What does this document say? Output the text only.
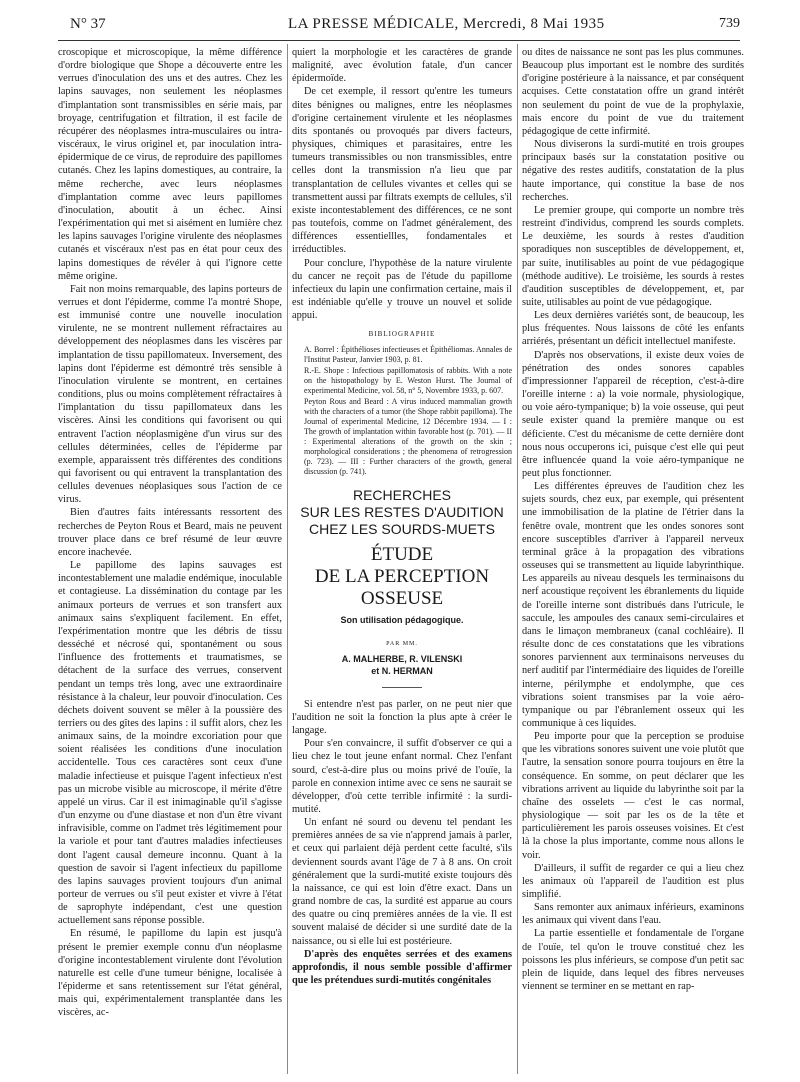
N° 37	LA PRESSE MÉDICALE, Mercredi, 8 Mai 1935	739

croscopique et microscopique, la même différence d'ordre biologique que Shope a découverte entre les verrues d'inoculation des uns et des autres. Chez les lapins sauvages, non seulement les néoplasmes d'implantation sont transmissibles en série mais, par broyage, centrifugation et filtration, il est facile de récupérer des néoplasmes intra-musculaires ou intra-viscéraux, le virus originel et, par inoculation intra-épidermique de ce virus, de reproduire des papillomes cutanés. Chez les lapins domestiques, au contraire, la même recherche, avec leurs néoplasmes d'implantation comme avec leurs papillomes d'inoculation, aboutit à un échec. Ainsi l'expérimentation qui met si aisément en lumière chez les lapins sauvages l'origine virulente des néoplasmes cutanés et viscéraux n'est pas en état pour ceux des lapins domestiques de révéler à qui l'ignore cette même origine.

Fait non moins remarquable, des lapins porteurs de verrues et dont l'épiderme, comme l'a montré Shope, est immunisé contre une nouvelle inoculation virulente, ne se montrent nullement réfractaires au développement des néoplasmes dans les viscères par implantation de tissu papillomateux. Inversement, des lapins dont l'épiderme est démontré très sensible à l'inoculation virulente se montrent, en certaines conditions, plus ou moins complètement réfractaires à l'implantation du tissu papillomateux dans les viscères. Ainsi les conditions qui favorisent ou qui entravent l'action néoplasmigène d'un virus sur des cellules déterminées, celles de l'épiderme par exemple, apparaissent très différentes des conditions qui favorisent ou qui entravent la transplantation des cellules devenues néoplasiques sous l'action de ce virus.

Bien d'autres faits intéressants ressortent des recherches de Peyton Rous et Beard, mais ne peuvent trouver place dans ce bref résumé de leur œuvre encore inachevée.

Le papillome des lapins sauvages est incontestablement une maladie endémique, inoculable et contagieuse. La dissémination du contage par les animaux porteurs de verrues et son transfert aux animaux sains s'expliquent facilement. En effet, l'expérimentation montre que les débris de tissu desséché et nécrosé qui, spontanément ou sous l'influence des frottements et traumatismes, se détachent de la surface des verrues, conservent pendant un temps très long, avec une extraordinaire résistance à la chaleur, leur pouvoir d'inoculation. Ces déchets doivent souvent se mêler à la poussière des terriers ou des gîtes des lapins : il suffit alors, chez les animaux sains, de la moindre excoriation pour que soient réalisées les conditions d'une inoculation accidentelle. Tous ces caractères sont ceux d'une maladie infectieuse et puisque l'agent infectieux n'est pas un microbe visible au microscope, il mérite d'être appelé un virus. Car il est inimaginable qu'il s'agisse d'un enzyme ou d'une diastase et non d'un être vivant infravisible, comme on l'admet très légitimement pour la variole et pour tant d'autres maladies infectieuses dont l'agent causal demeure inconnu. Quant à la question de savoir si l'agent infectieux du papillome des lapins sauvages provient toujours d'un animal porteur de verrues ou s'il peut exister et vivre à l'état de saprophyte indépendant, c'est une question actuellement sans réponse possible.

En résumé, le papillome du lapin est jusqu'à présent le premier exemple connu d'un néoplasme d'origine incontestablement virulente dont l'évolution naturelle est celle d'une tumeur bénigne, localisée à l'épiderme et sans retentissement sur l'état général, mais qui, expérimentalement transplantée dans les viscères, ac-

quiert la morphologie et les caractères de grande malignité, avec évolution fatale, d'un cancer épidermoïde.

De cet exemple, il ressort qu'entre les tumeurs dites bénignes ou malignes, entre les néoplasmes d'origine certainement virulente et les néoplasmes dits spontanés ou provoqués par divers facteurs, physiques, chimiques et parasitaires, entre les tumeurs transmissibles ou non transmissibles, entre celles dont la transmission n'a lieu que par transplantation de cellules vivantes et celles qui se transmettent aussi par filtrats exempts de cellules, s'il existe incontestablement des différences, ce ne sont pas toutefois, comme on l'admet généralement, des différences essentiellles, fondamentales et irréductibles.

Pour conclure, l'hypothèse de la nature virulente du cancer ne reçoit pas de l'étude du papillome infectieux du lapin une confirmation certaine, mais il est indéniable qu'elle y trouve un nouvel et solide appui.

BIBLIOGRAPHIE

A. Borrel : Épithélioses infectieuses et Épithéliomas. Annales de l'Institut Pasteur, Janvier 1903, p. 81.

R.-E. Shope : Infectious papillomatosis of rabbits. With a note on the histopathology by E. Weston Hurst. The Journal of experimental Medicine, vol. 58, n° 5, Novembre 1933, p. 607.

Peyton Rous and Beard : A virus induced mammalian growth with the characters of a tumor (the Shope rabbit papilloma). The Journal of experimental Medicine, 12 Décembre 1934. — I : The growth of implantation within favorable host (p. 701). — II : Experimental alterations of the growth on the skin ; morphological considerations ; the phenomena of retrogression (p. 723). — III : Further characters of the growth, general discussion (p. 741).

RECHERCHES
SUR LES RESTES D'AUDITION
CHEZ LES SOURDS-MUETS
ÉTUDE
DE LA PERCEPTION OSSEUSE
Son utilisation pédagogique.
PAR MM.
A. MALHERBE, R. VILENSKI
et N. HERMAN

Si entendre n'est pas parler, on ne peut nier que l'audition ne soit la fonction la plus apte à créer le langage.

Pour s'en convaincre, il suffit d'observer ce qui a lieu chez le tout jeune enfant normal. Chez l'enfant sourd, c'est-à-dire plus ou moins privé de l'ouïe, la parole en connexion intime avec ce sens ne saurait se développer, d'où cette terrible infirmité : la surdi-mutité.

Un enfant né sourd ou devenu tel pendant les premières années de sa vie n'apprend jamais à parler, et ceux qui parlaient déjà perdent cette faculté, s'ils deviennent sourds avant l'âge de 7 à 8 ans. On croit généralement que la surdi-mutité existe toujours dès la naissance, ce qui est loin d'être exact. Dans un grand nombre de cas, la surdité est apparue au cours des quatre ou cinq premières années de la vie. Il est souvent malaisé de décider si une surdité date de la naissance, ou si elle lui est postérieure.

D'après des enquêtes serrées et des examens approfondis, il nous semble possible d'affirmer que les prétendues surdi-mutités congénitales

ou dites de naissance ne sont pas les plus communes. Beaucoup plus important est le nombre des surdités d'origine postérieure à la naissance, et par conséquent acquises. Cette constatation offre un grand intérêt non seulement du point de vue de la prophylaxie, mais encore du point de vue du traitement pédagogique de cette infirmité.

Nous diviserons la surdi-mutité en trois groupes principaux basés sur la constatation positive ou négative des restes auditifs, constatation de la plus haute importance, qui constitue la base de nos recherches.

Le premier groupe, qui comporte un nombre très restreint d'individus, comprend les sourds complets. Le deuxième, les sourds à restes d'audition sporadiques non susceptibles de développement, et, par suite, inutilisables au point de vue pédagogique (méthode auditive). Le troisième, les sourds à restes d'audition susceptibles de développement, et, par suite, utilisables au point de vue pédagogique.

Les deux dernières variétés sont, de beaucoup, les plus fréquentes. Nous laissons de côté les enfants arriérés, présentant un déficit intellectuel manifeste.

D'après nos observations, il existe deux voies de pénétration des ondes sonores capables d'impressionner l'appareil de réception, c'est-à-dire l'oreille interne : a) la voie normale, physiologique, ou voie aéro-tympanique; b) la voie osseuse, qui peut seule exister quand la première manque ou est déficiente. C'est du mécanisme de cette dernière dont nous nous occuperons ici, puisque c'est elle qui peut être influencée quand la voie aéro-tympanique ne peut plus fonctionner.

Les différentes épreuves de l'audition chez les sujets sourds, chez eux, par exemple, qui présentent une immobilisation de la platine de l'étrier dans la fenêtre ovale, montrent que les ondes sonores sont encore susceptibles d'arriver à l'appareil nerveux terminal grâce à la propagation des vibrations osseuses qui se transmettent au liquide labyrinthique. Les appareils au niveau desquels les terminaisons du nerf acoustique reçoivent les ébranlements du liquide de l'oreille interne sont distribués dans l'utricule, le saccule, les ampoules des canaux semi-circulaires et dans le limaçon membraneux (canal cochléaire). Il résulte donc de ces constatations que les vibrations sonores parviennent aux terminaisons nerveuses du nerf auditif par l'intermédiaire des liquides de l'oreille interne, périlymphe et endolymphe, que ces vibrations soient transmises par la voie aéro-tympanique ou par l'ébranlement osseux qui les communique à ces liquides.

Peu importe pour que la perception se produise que les vibrations sonores suivent une voie plutôt que l'autre, la sensation sonore pourra toujours en être la conséquence. En somme, on peut déclarer que les vibrations arrivent au liquide du labyrinthe soit par la chaîne des osselets — c'est le cas normal, physiologique — soit par les os de la tête et particulièrement les parois osseuses voisines. Et c'est là la chose la plus importante, comme nous allons le voir.

D'ailleurs, il suffit de regarder ce qui a lieu chez les animaux où l'appareil de l'audition est plus simplifié.

Sans remonter aux animaux inférieurs, examinons les animaux qui vivent dans l'eau.

La partie essentielle et fondamentale de l'organe de l'ouïe, tel qu'on le trouve constitué chez les poissons les plus inférieurs, se compose d'un petit sac plein de liquide, dans lequel des fibres nerveuses viennent se terminer en se mettant en rap-
